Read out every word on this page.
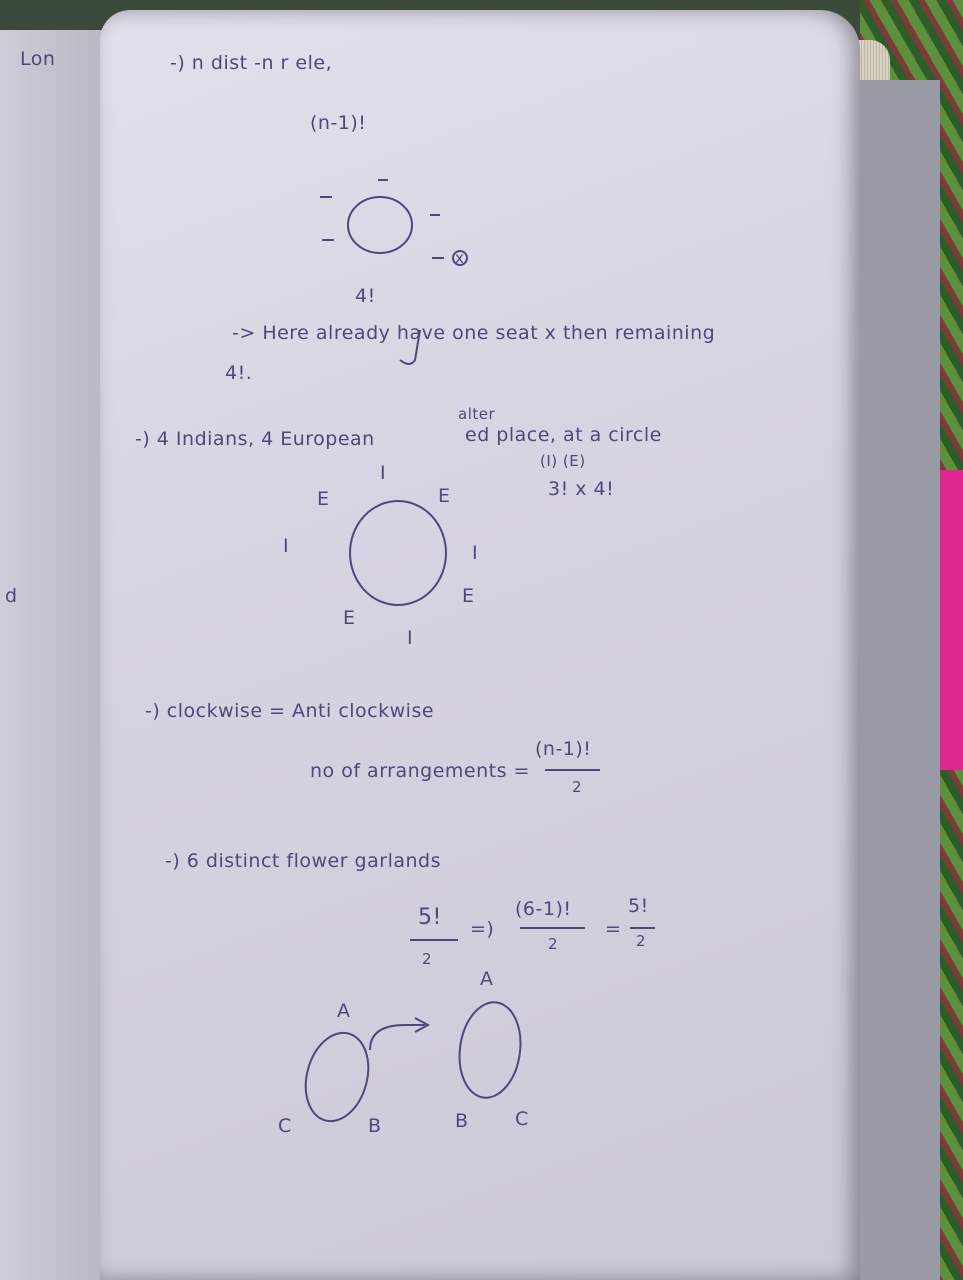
Lon
d
-) n dist -n r ele,
(n-1)!
x
4!
-> Here already have one seat x then remaining
4!.
alter
-) 4 Indians, 4 European	ed place, at a circle
(I) (E)
3! x 4!
I
E	E
I	I
E
E
I
-) clockwise = Anti clockwise
no of arrangements =
(n-1)!
2
-) 6 distinct flower garlands
5!
2
=)
(6-1)!
2
=
5!
2
A
C	B
A
B C
